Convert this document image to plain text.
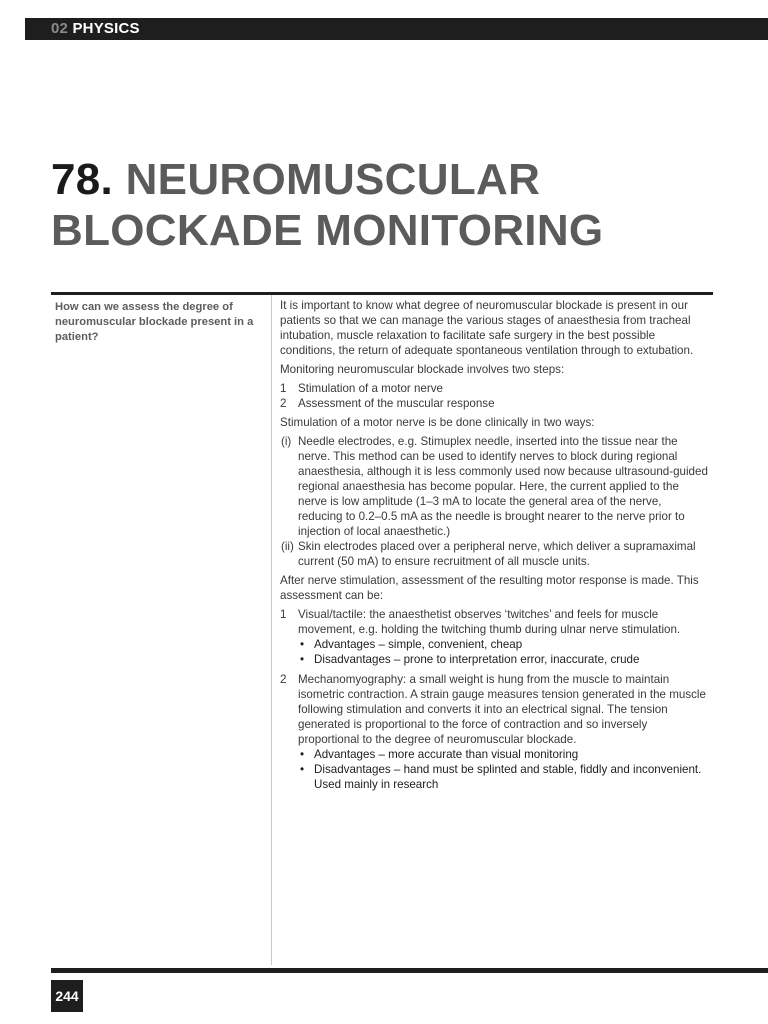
02 PHYSICS
78. NEUROMUSCULAR
BLOCKADE MONITORING

How can we assess the degree of neuromuscular blockade present in a patient?

It is important to know what degree of neuromuscular blockade is present in our patients so that we can manage the various stages of anaesthesia from tracheal intubation, muscle relaxation to facilitate safe surgery in the best possible conditions, the return of adequate spontaneous ventilation through to extubation.

Monitoring neuromuscular blockade involves two steps:

1 Stimulation of a motor nerve
2 Assessment of the muscular response

Stimulation of a motor nerve is be done clinically in two ways:

(i) Needle electrodes, e.g. Stimuplex needle, inserted into the tissue near the nerve. This method can be used to identify nerves to block during regional anaesthesia, although it is less commonly used now because ultrasound-guided regional anaesthesia has become popular. Here, the current applied to the nerve is low amplitude (1–3 mA to locate the general area of the nerve, reducing to 0.2–0.5 mA as the needle is brought nearer to the nerve prior to injection of local anaesthetic.)
(ii) Skin electrodes placed over a peripheral nerve, which deliver a supramaximal current (50 mA) to ensure recruitment of all muscle units.

After nerve stimulation, assessment of the resulting motor response is made. This assessment can be:

1 Visual/tactile: the anaesthetist observes ‘twitches’ and feels for muscle movement, e.g. holding the twitching thumb during ulnar nerve stimulation.
• Advantages – simple, convenient, cheap
• Disadvantages – prone to interpretation error, inaccurate, crude
2 Mechanomyography: a small weight is hung from the muscle to maintain isometric contraction. A strain gauge measures tension generated in the muscle following stimulation and converts it into an electrical signal. The tension generated is proportional to the force of contraction and so inversely proportional to the degree of neuromuscular blockade.
• Advantages – more accurate than visual monitoring
• Disadvantages – hand must be splinted and stable, fiddly and inconvenient. Used mainly in research
244
